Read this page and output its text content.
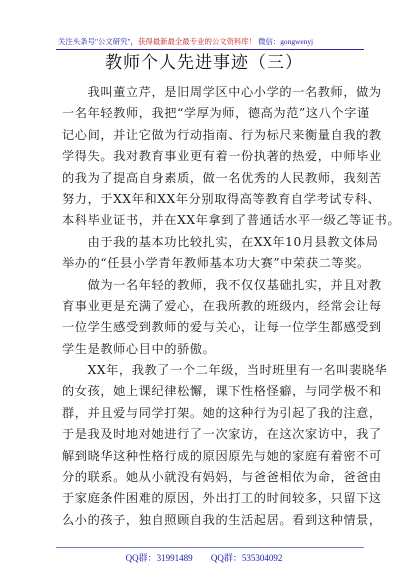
关注头条号"公文研究"，获得最新最全最专业的公文资料库！ 微信：gongwenyj
教师个人先进事迹（三）
　　我叫董立芹，是旧周学区中心小学的一名教师，做为
一名年轻教师，我把“学厚为师，德高为范”这八个字谨
记心间，并让它做为行动指南、行为标尺来衡量自我的教
学得失。我对教育事业更有着一份执著的热爱，中师毕业
的我为了提高自身素质，做一名优秀的人民教师，我刻苦
努力，于XX年和XX年分别取得高等教育自学考试专科、
本科毕业证书，并在XX年拿到了普通话水平一级乙等证书。
　　由于我的基本功比较扎实，在XX年10月县教文体局
举办的“任县小学青年教师基本功大赛”中荣获二等奖。
　　做为一名年轻的教师，我不仅仅基础扎实，并且对教
育事业更是充满了爱心，在我所教的班级内，经常会让每
一位学生感受到教师的爱与关心，让每一位学生都感受到
学生是教师心目中的骄傲。
　　XX年，我教了一个二年级，当时班里有一名叫裴晓华
的女孩，她上课纪律松懈，课下性格怪癖，与同学极不和
群，并且爱与同学打架。她的这种行为引起了我的注意，
于是我及时地对她进行了一次家访，在这次家访中，我了
解到晓华这种性格行成的原因原先与她的家庭有着密不可
分的联系。她从小就没有妈妈，与爸爸相依为命，爸爸由
于家庭条件困难的原因，外出打工的时间较多，只留下这
么小的孩子，独自照顾自我的生活起居。看到这种情景，
QQ群：31991489 QQ群：535304092
